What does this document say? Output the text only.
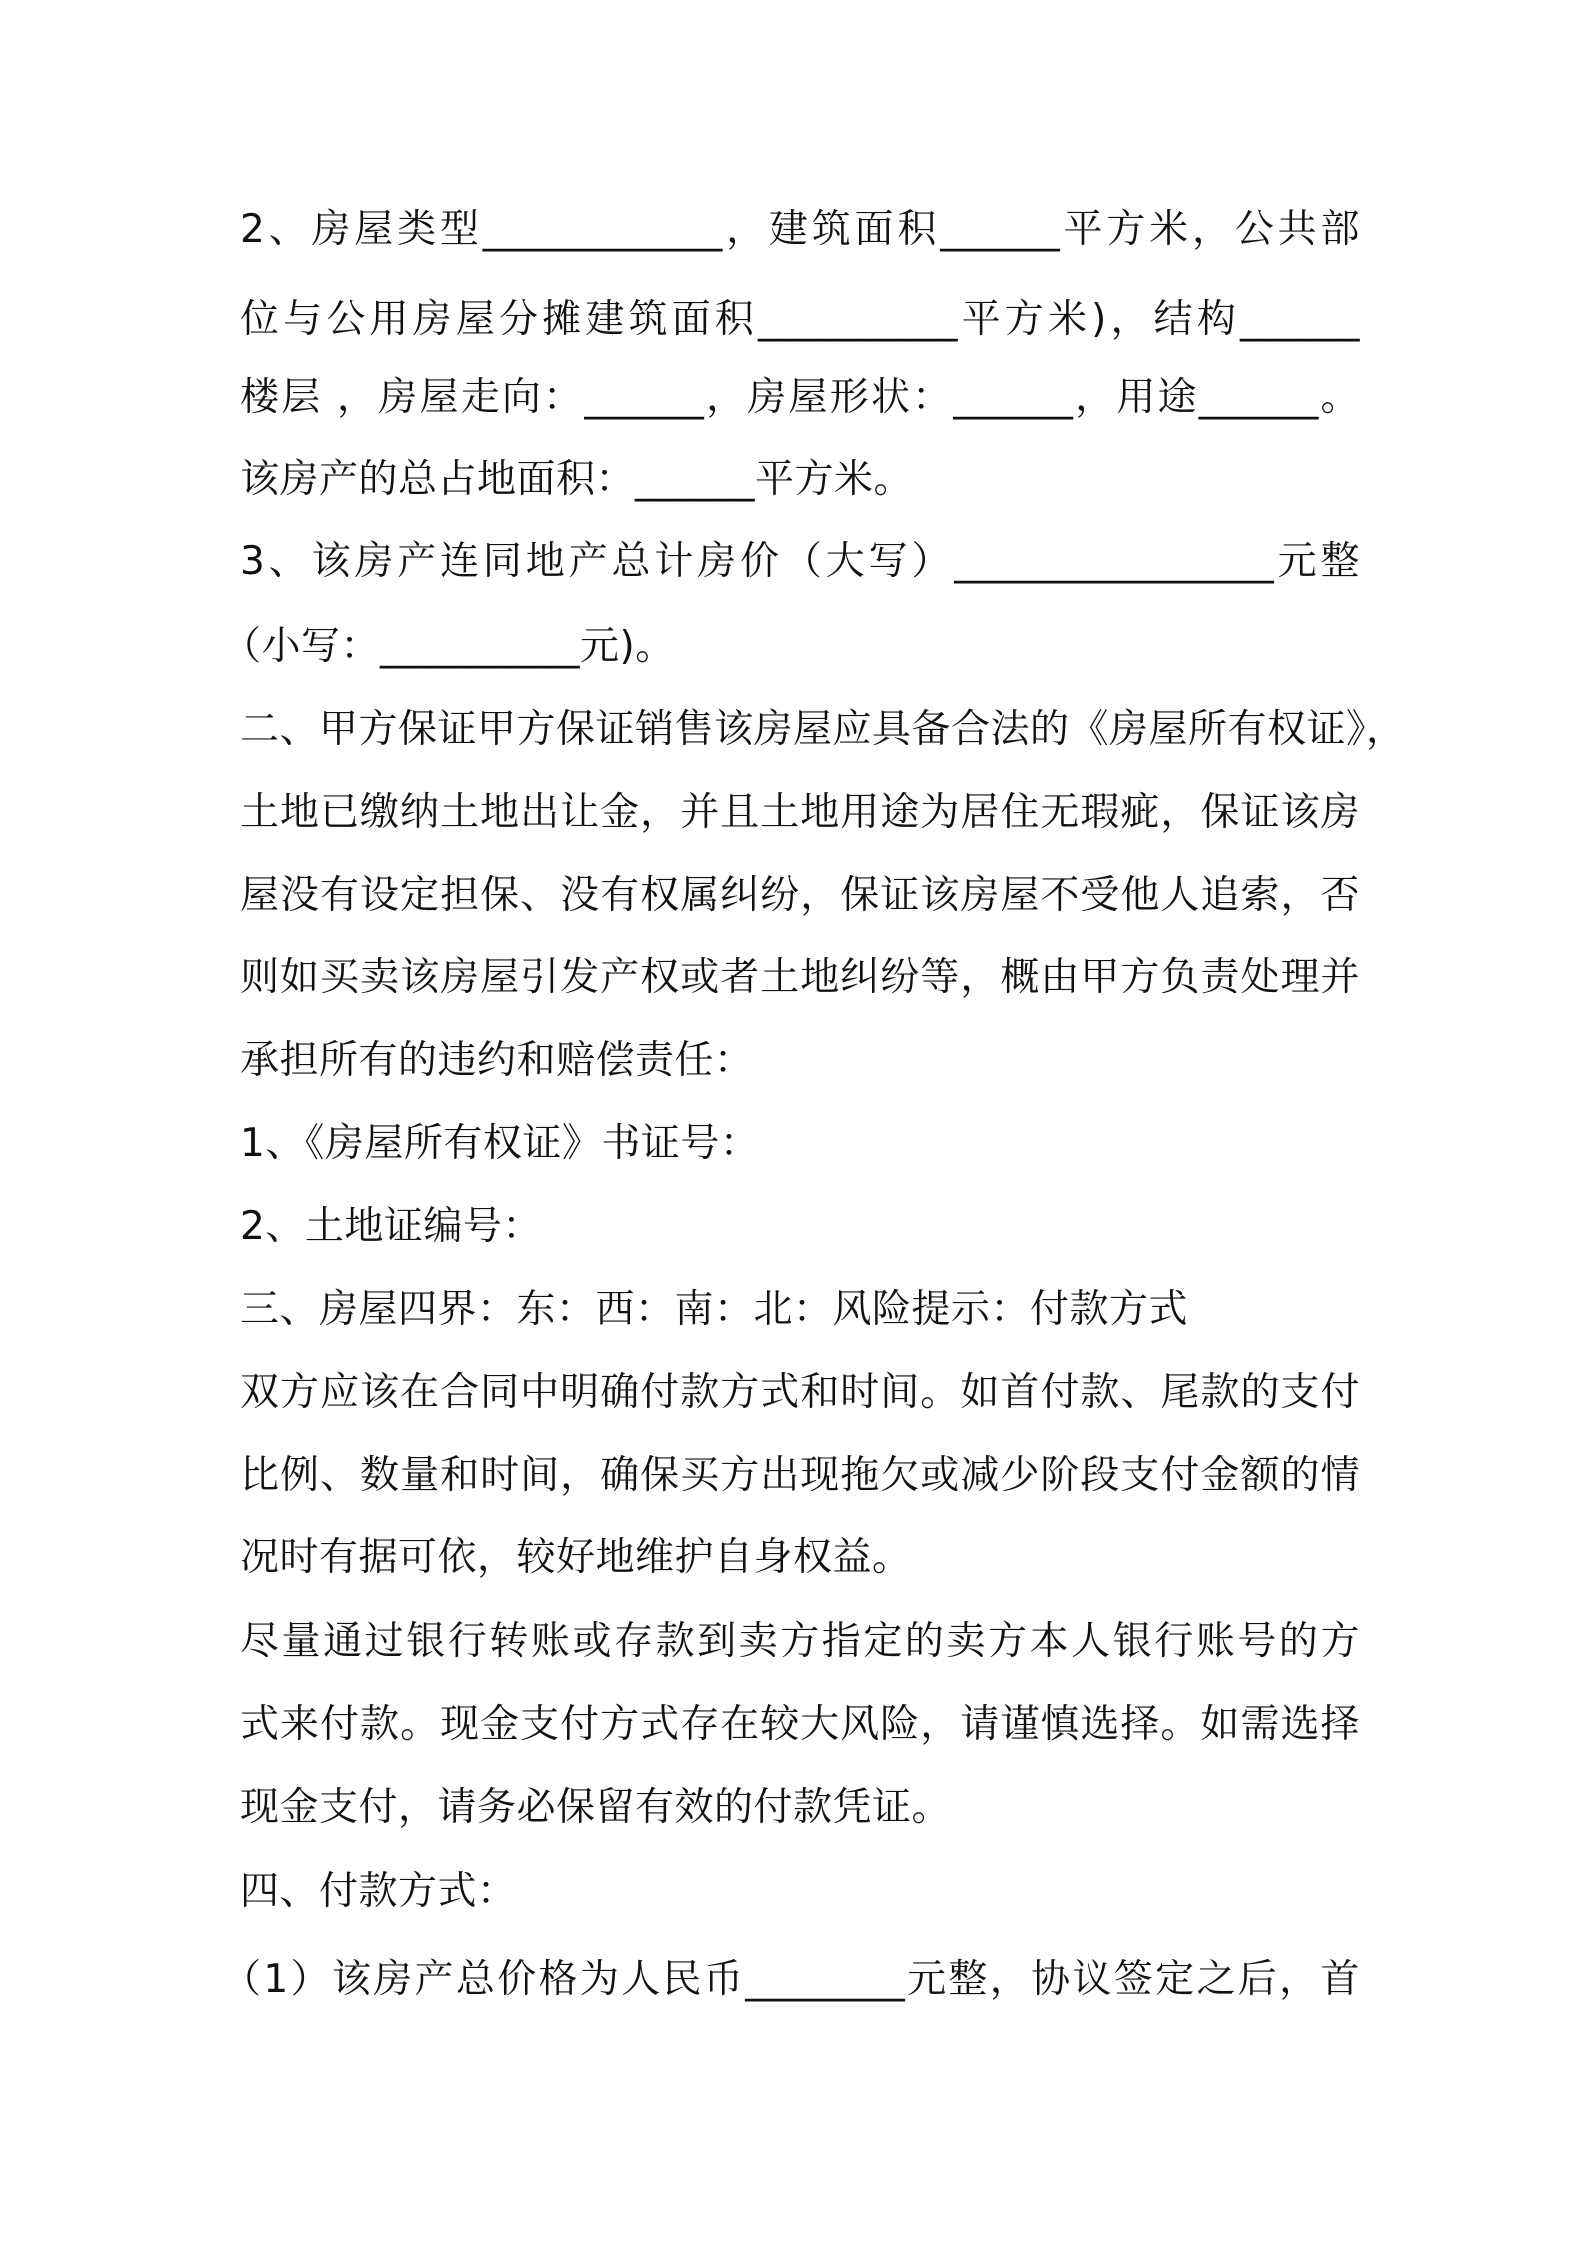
2、房屋类型____________，建筑面积______平方米，公共部
位与公用房屋分摊建筑面积__________平方米)，结构______
楼层 ，房屋走向：______，房屋形状：______，用途______。
该房产的总占地面积：______平方米。
3、该房产连同地产总计房价（大写）________________元整
（小写：__________元)。
二、甲方保证甲方保证销售该房屋应具备合法的《房屋所有权证》，
土地已缴纳土地出让金，并且土地用途为居住无瑕疵，保证该房
屋没有设定担保、没有权属纠纷，保证该房屋不受他人追索，否
则如买卖该房屋引发产权或者土地纠纷等，概由甲方负责处理并
承担所有的违约和赔偿责任：
1、《房屋所有权证》书证号：
2、土地证编号：
三、房屋四界：东：西：南：北：风险提示：付款方式
双方应该在合同中明确付款方式和时间。如首付款、尾款的支付
比例、数量和时间，确保买方出现拖欠或减少阶段支付金额的情
况时有据可依，较好地维护自身权益。
尽量通过银行转账或存款到卖方指定的卖方本人银行账号的方
式来付款。现金支付方式存在较大风险，请谨慎选择。如需选择
现金支付，请务必保留有效的付款凭证。
四、付款方式：
（1）该房产总价格为人民币________元整，协议签定之后，首
